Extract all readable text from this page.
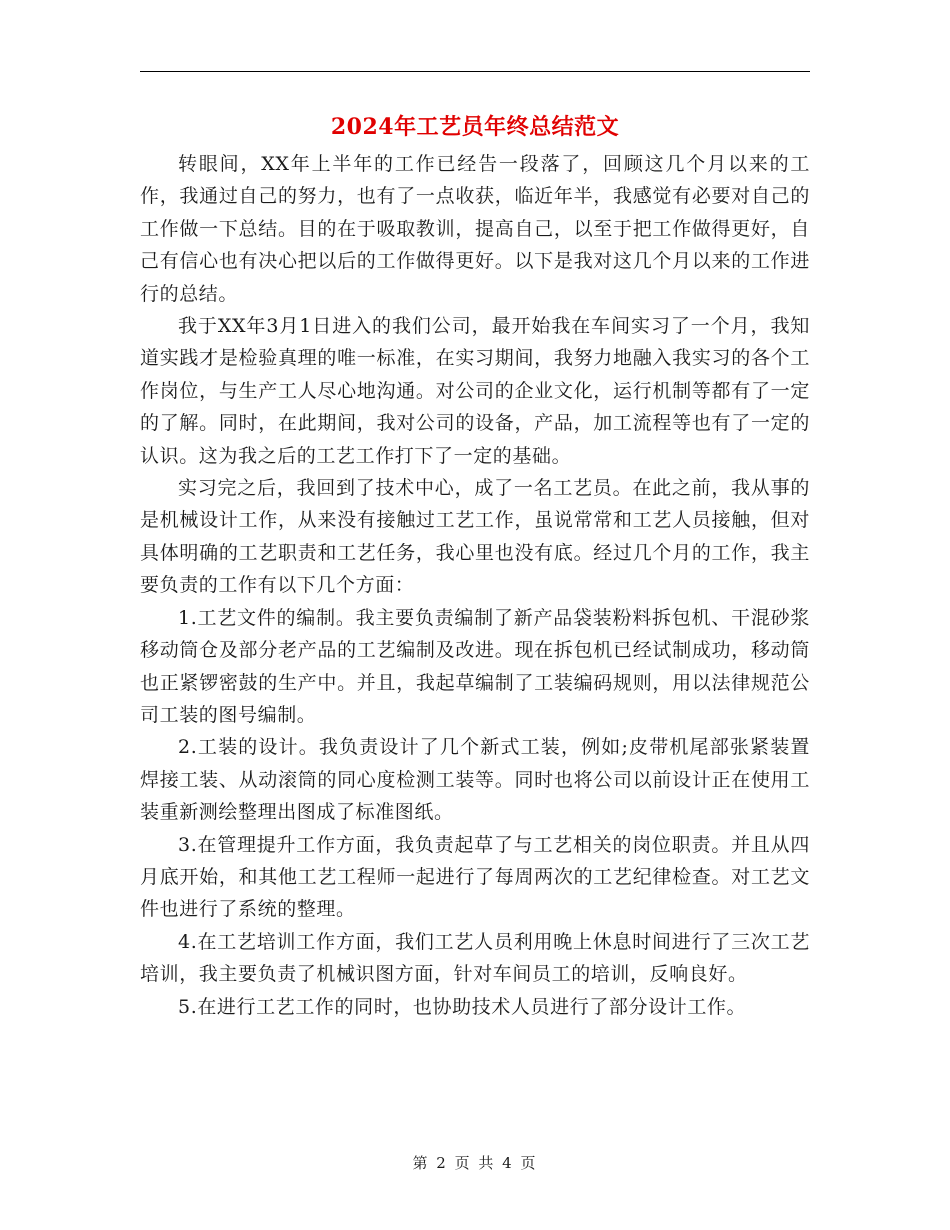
2024年工艺员年终总结范文

转眼间，XX年上半年的工作已经告一段落了，回顾这几个月以来的工作，我通过自己的努力，也有了一点收获，临近年半，我感觉有必要对自己的工作做一下总结。目的在于吸取教训，提高自己，以至于把工作做得更好，自己有信心也有决心把以后的工作做得更好。以下是我对这几个月以来的工作进行的总结。

我于XX年3月1日进入的我们公司，最开始我在车间实习了一个月，我知道实践才是检验真理的唯一标准，在实习期间，我努力地融入我实习的各个工作岗位，与生产工人尽心地沟通。对公司的企业文化，运行机制等都有了一定的了解。同时，在此期间，我对公司的设备，产品，加工流程等也有了一定的认识。这为我之后的工艺工作打下了一定的基础。

实习完之后，我回到了技术中心，成了一名工艺员。在此之前，我从事的是机械设计工作，从来没有接触过工艺工作，虽说常常和工艺人员接触，但对具体明确的工艺职责和工艺任务，我心里也没有底。经过几个月的工作，我主要负责的工作有以下几个方面：

1.工艺文件的编制。我主要负责编制了新产品袋装粉料拆包机、干混砂浆移动筒仓及部分老产品的工艺编制及改进。现在拆包机已经试制成功，移动筒也正紧锣密鼓的生产中。并且，我起草编制了工装编码规则，用以法律规范公司工装的图号编制。

2.工装的设计。我负责设计了几个新式工装，例如;皮带机尾部张紧装置焊接工装、从动滚筒的同心度检测工装等。同时也将公司以前设计正在使用工装重新测绘整理出图成了标准图纸。

3.在管理提升工作方面，我负责起草了与工艺相关的岗位职责。并且从四月底开始，和其他工艺工程师一起进行了每周两次的工艺纪律检查。对工艺文件也进行了系统的整理。

4.在工艺培训工作方面，我们工艺人员利用晚上休息时间进行了三次工艺培训，我主要负责了机械识图方面，针对车间员工的培训，反响良好。

5.在进行工艺工作的同时，也协助技术人员进行了部分设计工作。

第 2 页 共 4 页
